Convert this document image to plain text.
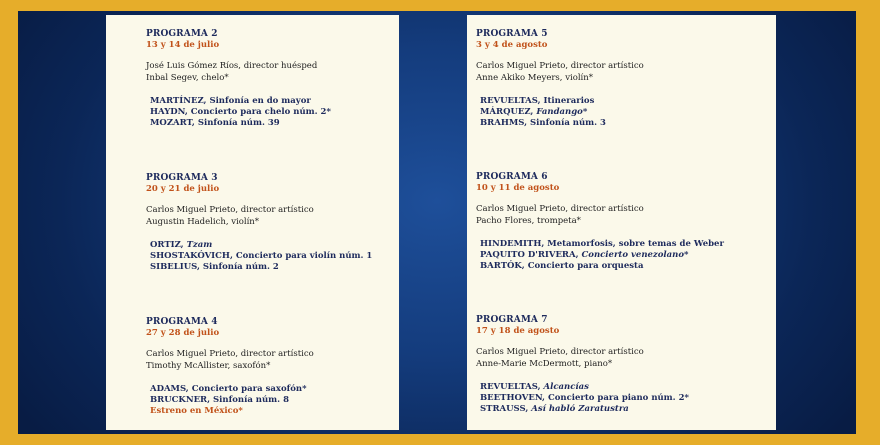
PROGRAMA 2
13 y 14 de julio
José Luis Gómez Ríos, director huésped
Inbal Segev, chelo*
MARTÍNEZ, Sinfonía en do mayor
HAYDN, Concierto para chelo núm. 2*
MOZART, Sinfonía núm. 39
PROGRAMA 3
20 y 21 de julio
Carlos Miguel Prieto, director artístico
Augustin Hadelich, violín*
ORTIZ, Tzam
SHOSTAKÓVICH, Concierto para violín núm. 1
SIBELIUS, Sinfonía núm. 2
PROGRAMA 4
27 y 28 de julio
Carlos Miguel Prieto, director artístico
Timothy McAllister, saxofón*
ADAMS, Concierto para saxofón*
BRUCKNER, Sinfonía núm. 8
Estreno en México*
PROGRAMA 5
3 y 4 de agosto
Carlos Miguel Prieto, director artístico
Anne Akiko Meyers, violín*
REVUELTAS, Itinerarios
MÁRQUEZ, Fandango*
BRAHMS, Sinfonía núm. 3
PROGRAMA 6
10 y 11 de agosto
Carlos Miguel Prieto, director artístico
Pacho Flores, trompeta*
HINDEMITH, Metamorfosis, sobre temas de Weber
PAQUITO D'RIVERA, Concierto venezolano*
BARTÓK, Concierto para orquesta
PROGRAMA 7
17 y 18 de agosto
Carlos Miguel Prieto, director artístico
Anne-Marie McDermott, piano*
REVUELTAS, Alcancías
BEETHOVEN, Concierto para piano núm. 2*
STRAUSS, Así habló Zaratustra
